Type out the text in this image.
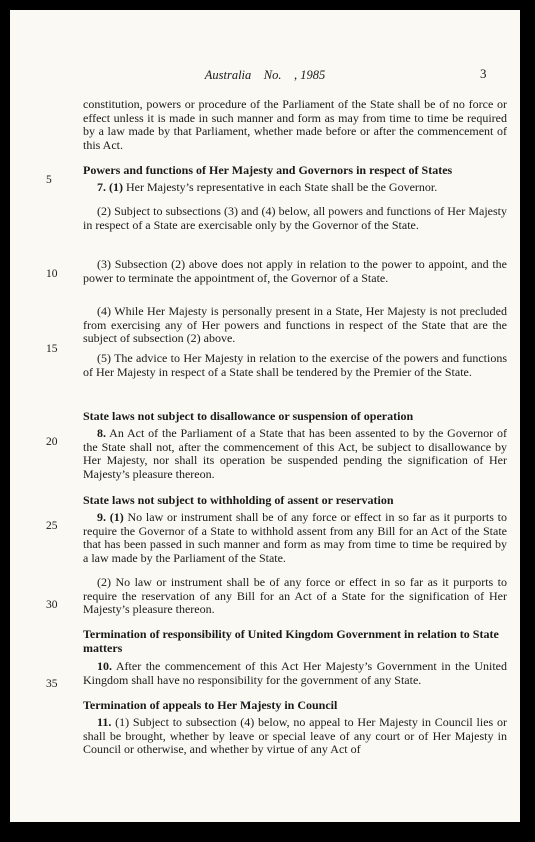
Australia    No.    , 1985	3
5
10
15
20
25
30
35
constitution, powers or procedure of the Parliament of the State shall be of no force or effect unless it is made in such manner and form as may from time to time be required by a law made by that Parliament, whether made before or after the commencement of this Act.
Powers and functions of Her Majesty and Governors in respect of States
7. (1) Her Majesty’s representative in each State shall be the Governor.
(2) Subject to subsections (3) and (4) below, all powers and functions of Her Majesty in respect of a State are exercisable only by the Governor of the State.
(3) Subsection (2) above does not apply in relation to the power to appoint, and the power to terminate the appointment of, the Governor of a State.
(4) While Her Majesty is personally present in a State, Her Majesty is not precluded from exercising any of Her powers and functions in respect of the State that are the subject of subsection (2) above.
(5) The advice to Her Majesty in relation to the exercise of the powers and functions of Her Majesty in respect of a State shall be tendered by the Premier of the State.
State laws not subject to disallowance or suspension of operation
8. An Act of the Parliament of a State that has been assented to by the Governor of the State shall not, after the commencement of this Act, be subject to disallowance by Her Majesty, nor shall its operation be suspended pending the signification of Her Majesty’s pleasure thereon.
State laws not subject to withholding of assent or reservation
9. (1) No law or instrument shall be of any force or effect in so far as it purports to require the Governor of a State to withhold assent from any Bill for an Act of the State that has been passed in such manner and form as may from time to time be required by a law made by the Parliament of the State.
(2) No law or instrument shall be of any force or effect in so far as it purports to require the reservation of any Bill for an Act of a State for the signification of Her Majesty’s pleasure thereon.
Termination of responsibility of United Kingdom Government in relation to State matters
10. After the commencement of this Act Her Majesty’s Government in the United Kingdom shall have no responsibility for the government of any State.
Termination of appeals to Her Majesty in Council
11. (1) Subject to subsection (4) below, no appeal to Her Majesty in Council lies or shall be brought, whether by leave or special leave of any court or of Her Majesty in Council or otherwise, and whether by virtue of any Act of
